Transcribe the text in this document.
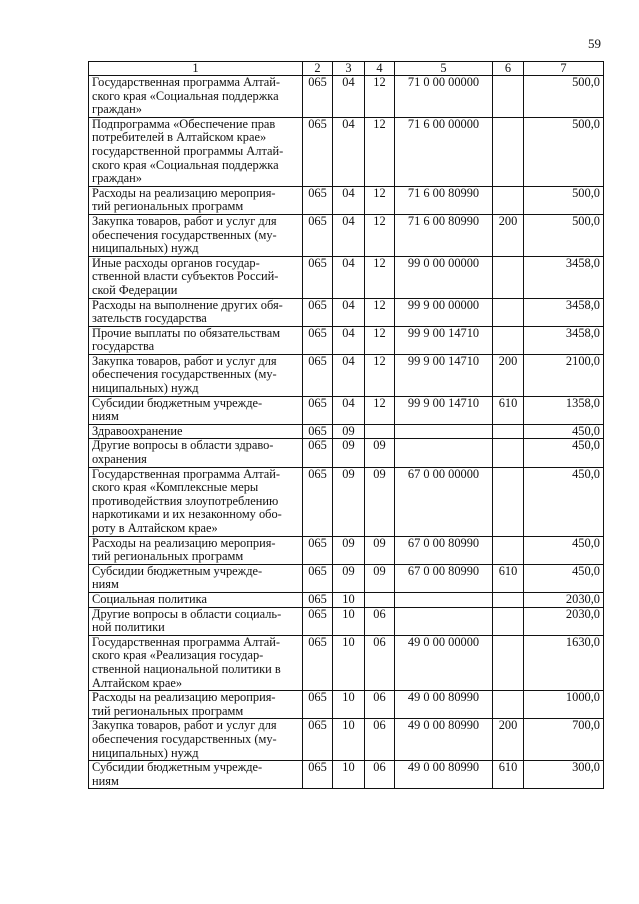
59
1	2	3	4	5	6	7
Государственная программа Алтай-
ского края «Социальная поддержка
граждан»	065	04	12	71 0 00 00000		500,0
Подпрограмма «Обеспечение прав
потребителей в Алтайском крае»
государственной программы Алтай-
ского края «Социальная поддержка
граждан»	065	04	12	71 6 00 00000		500,0
Расходы на реализацию мероприя-
тий региональных программ	065	04	12	71 6 00 80990		500,0
Закупка товаров, работ и услуг для
обеспечения государственных (му-
ниципальных) нужд	065	04	12	71 6 00 80990	200	500,0
Иные расходы органов государ-
ственной власти субъектов Россий-
ской Федерации	065	04	12	99 0 00 00000		3458,0
Расходы на выполнение других обя-
зательств государства	065	04	12	99 9 00 00000		3458,0
Прочие выплаты по обязательствам
государства	065	04	12	99 9 00 14710		3458,0
Закупка товаров, работ и услуг для
обеспечения государственных (му-
ниципальных) нужд	065	04	12	99 9 00 14710	200	2100,0
Субсидии бюджетным учрежде-
ниям	065	04	12	99 9 00 14710	610	1358,0
Здравоохранение	065	09				450,0
Другие вопросы в области здраво-
охранения	065	09	09			450,0
Государственная программа Алтай-
ского края «Комплексные меры
противодействия злоупотреблению
наркотиками и их незаконному обо-
роту в Алтайском крае»	065	09	09	67 0 00 00000		450,0
Расходы на реализацию мероприя-
тий региональных программ	065	09	09	67 0 00 80990		450,0
Субсидии бюджетным учрежде-
ниям	065	09	09	67 0 00 80990	610	450,0
Социальная политика	065	10				2030,0
Другие вопросы в области социаль-
ной политики	065	10	06			2030,0
Государственная программа Алтай-
ского края «Реализация государ-
ственной национальной политики в
Алтайском крае»	065	10	06	49 0 00 00000		1630,0
Расходы на реализацию мероприя-
тий региональных программ	065	10	06	49 0 00 80990		1000,0
Закупка товаров, работ и услуг для
обеспечения государственных (му-
ниципальных) нужд	065	10	06	49 0 00 80990	200	700,0
Субсидии бюджетным учрежде-
ниям	065	10	06	49 0 00 80990	610	300,0
